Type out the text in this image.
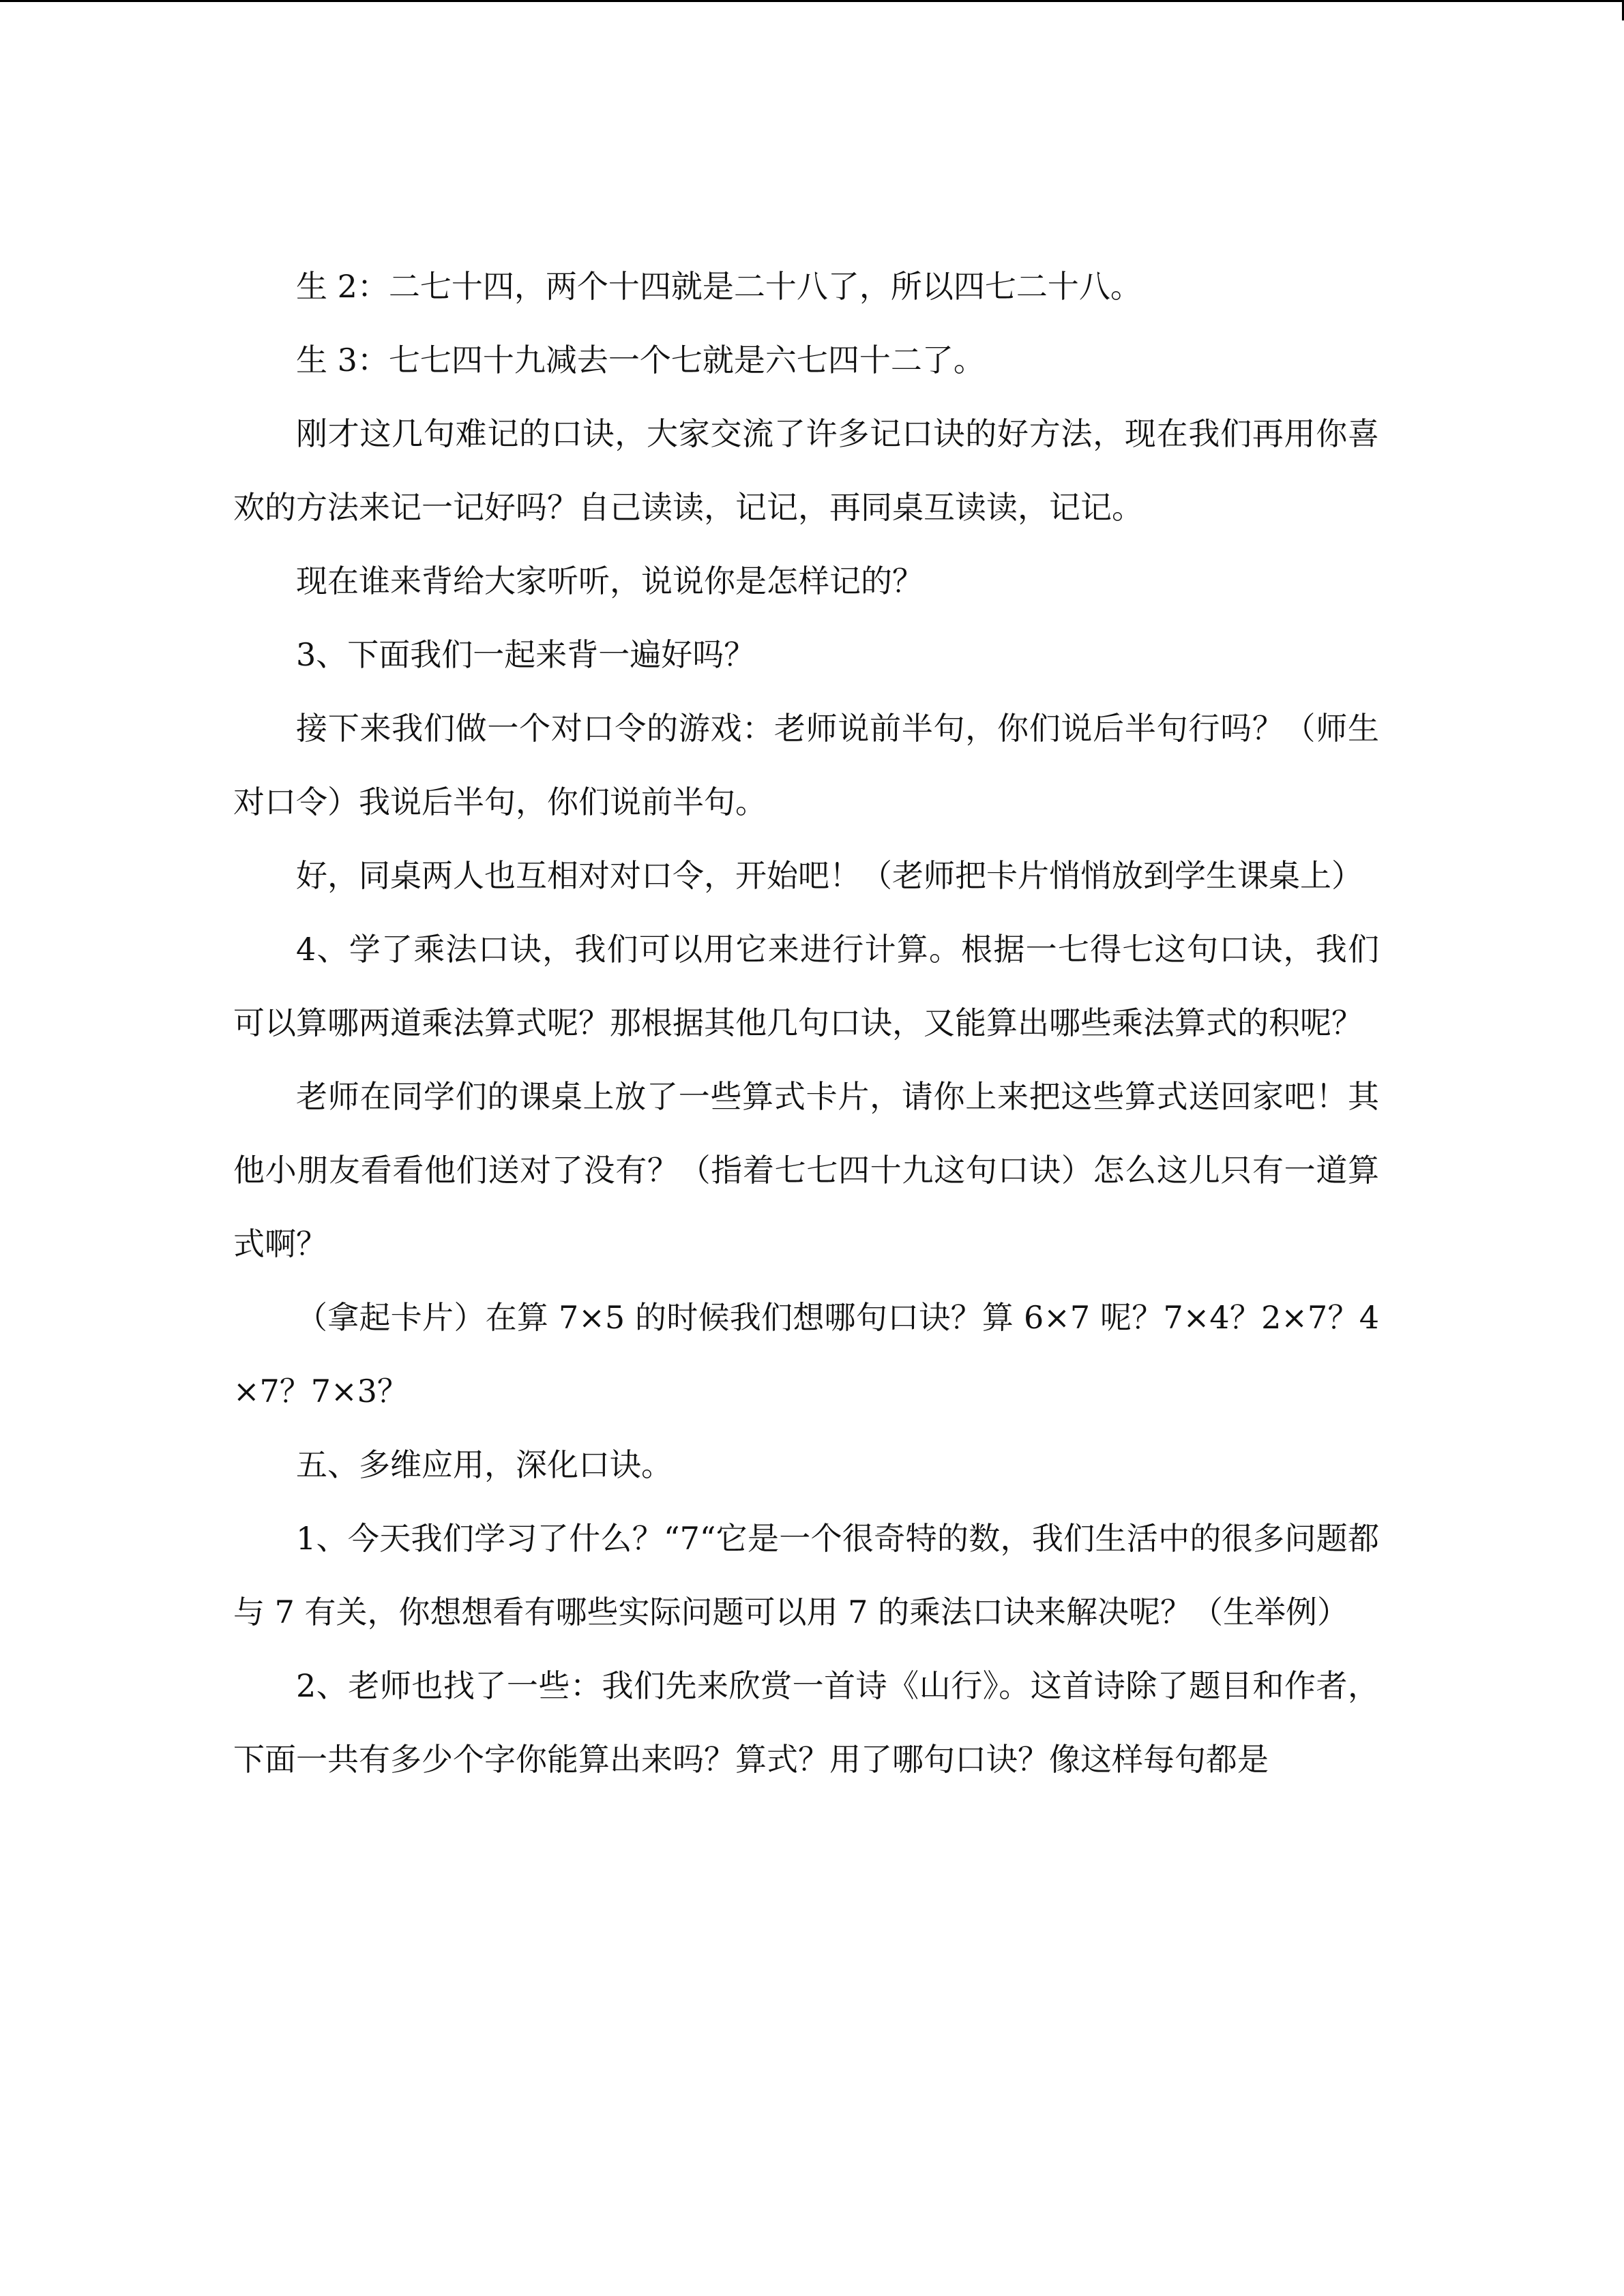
生 2：二七十四，两个十四就是二十八了，所以四七二十八。

生 3：七七四十九减去一个七就是六七四十二了。

刚才这几句难记的口诀，大家交流了许多记口诀的好方法，现在我们再用你喜欢的方法来记一记好吗？自己读读，记记，再同桌互读读，记记。

现在谁来背给大家听听，说说你是怎样记的？

3、下面我们一起来背一遍好吗？

接下来我们做一个对口令的游戏：老师说前半句，你们说后半句行吗？（师生对口令）我说后半句，你们说前半句。

好，同桌两人也互相对对口令，开始吧！（老师把卡片悄悄放到学生课桌上）

4、学了乘法口诀，我们可以用它来进行计算。根据一七得七这句口诀，我们可以算哪两道乘法算式呢？那根据其他几句口诀，又能算出哪些乘法算式的积呢？

老师在同学们的课桌上放了一些算式卡片，请你上来把这些算式送回家吧！其他小朋友看看他们送对了没有？（指着七七四十九这句口诀）怎么这儿只有一道算式啊？

（拿起卡片）在算 7×5 的时候我们想哪句口诀？算 6×7 呢？7×4？2×7？4×7？7×3？

五、多维应用，深化口诀。

1、今天我们学习了什么？“7“它是一个很奇特的数，我们生活中的很多问题都与 7 有关，你想想看有哪些实际问题可以用 7 的乘法口诀来解决呢？（生举例）

2、老师也找了一些：我们先来欣赏一首诗《山行》。这首诗除了题目和作者，下面一共有多少个字你能算出来吗？算式？用了哪句口诀？像这样每句都是
